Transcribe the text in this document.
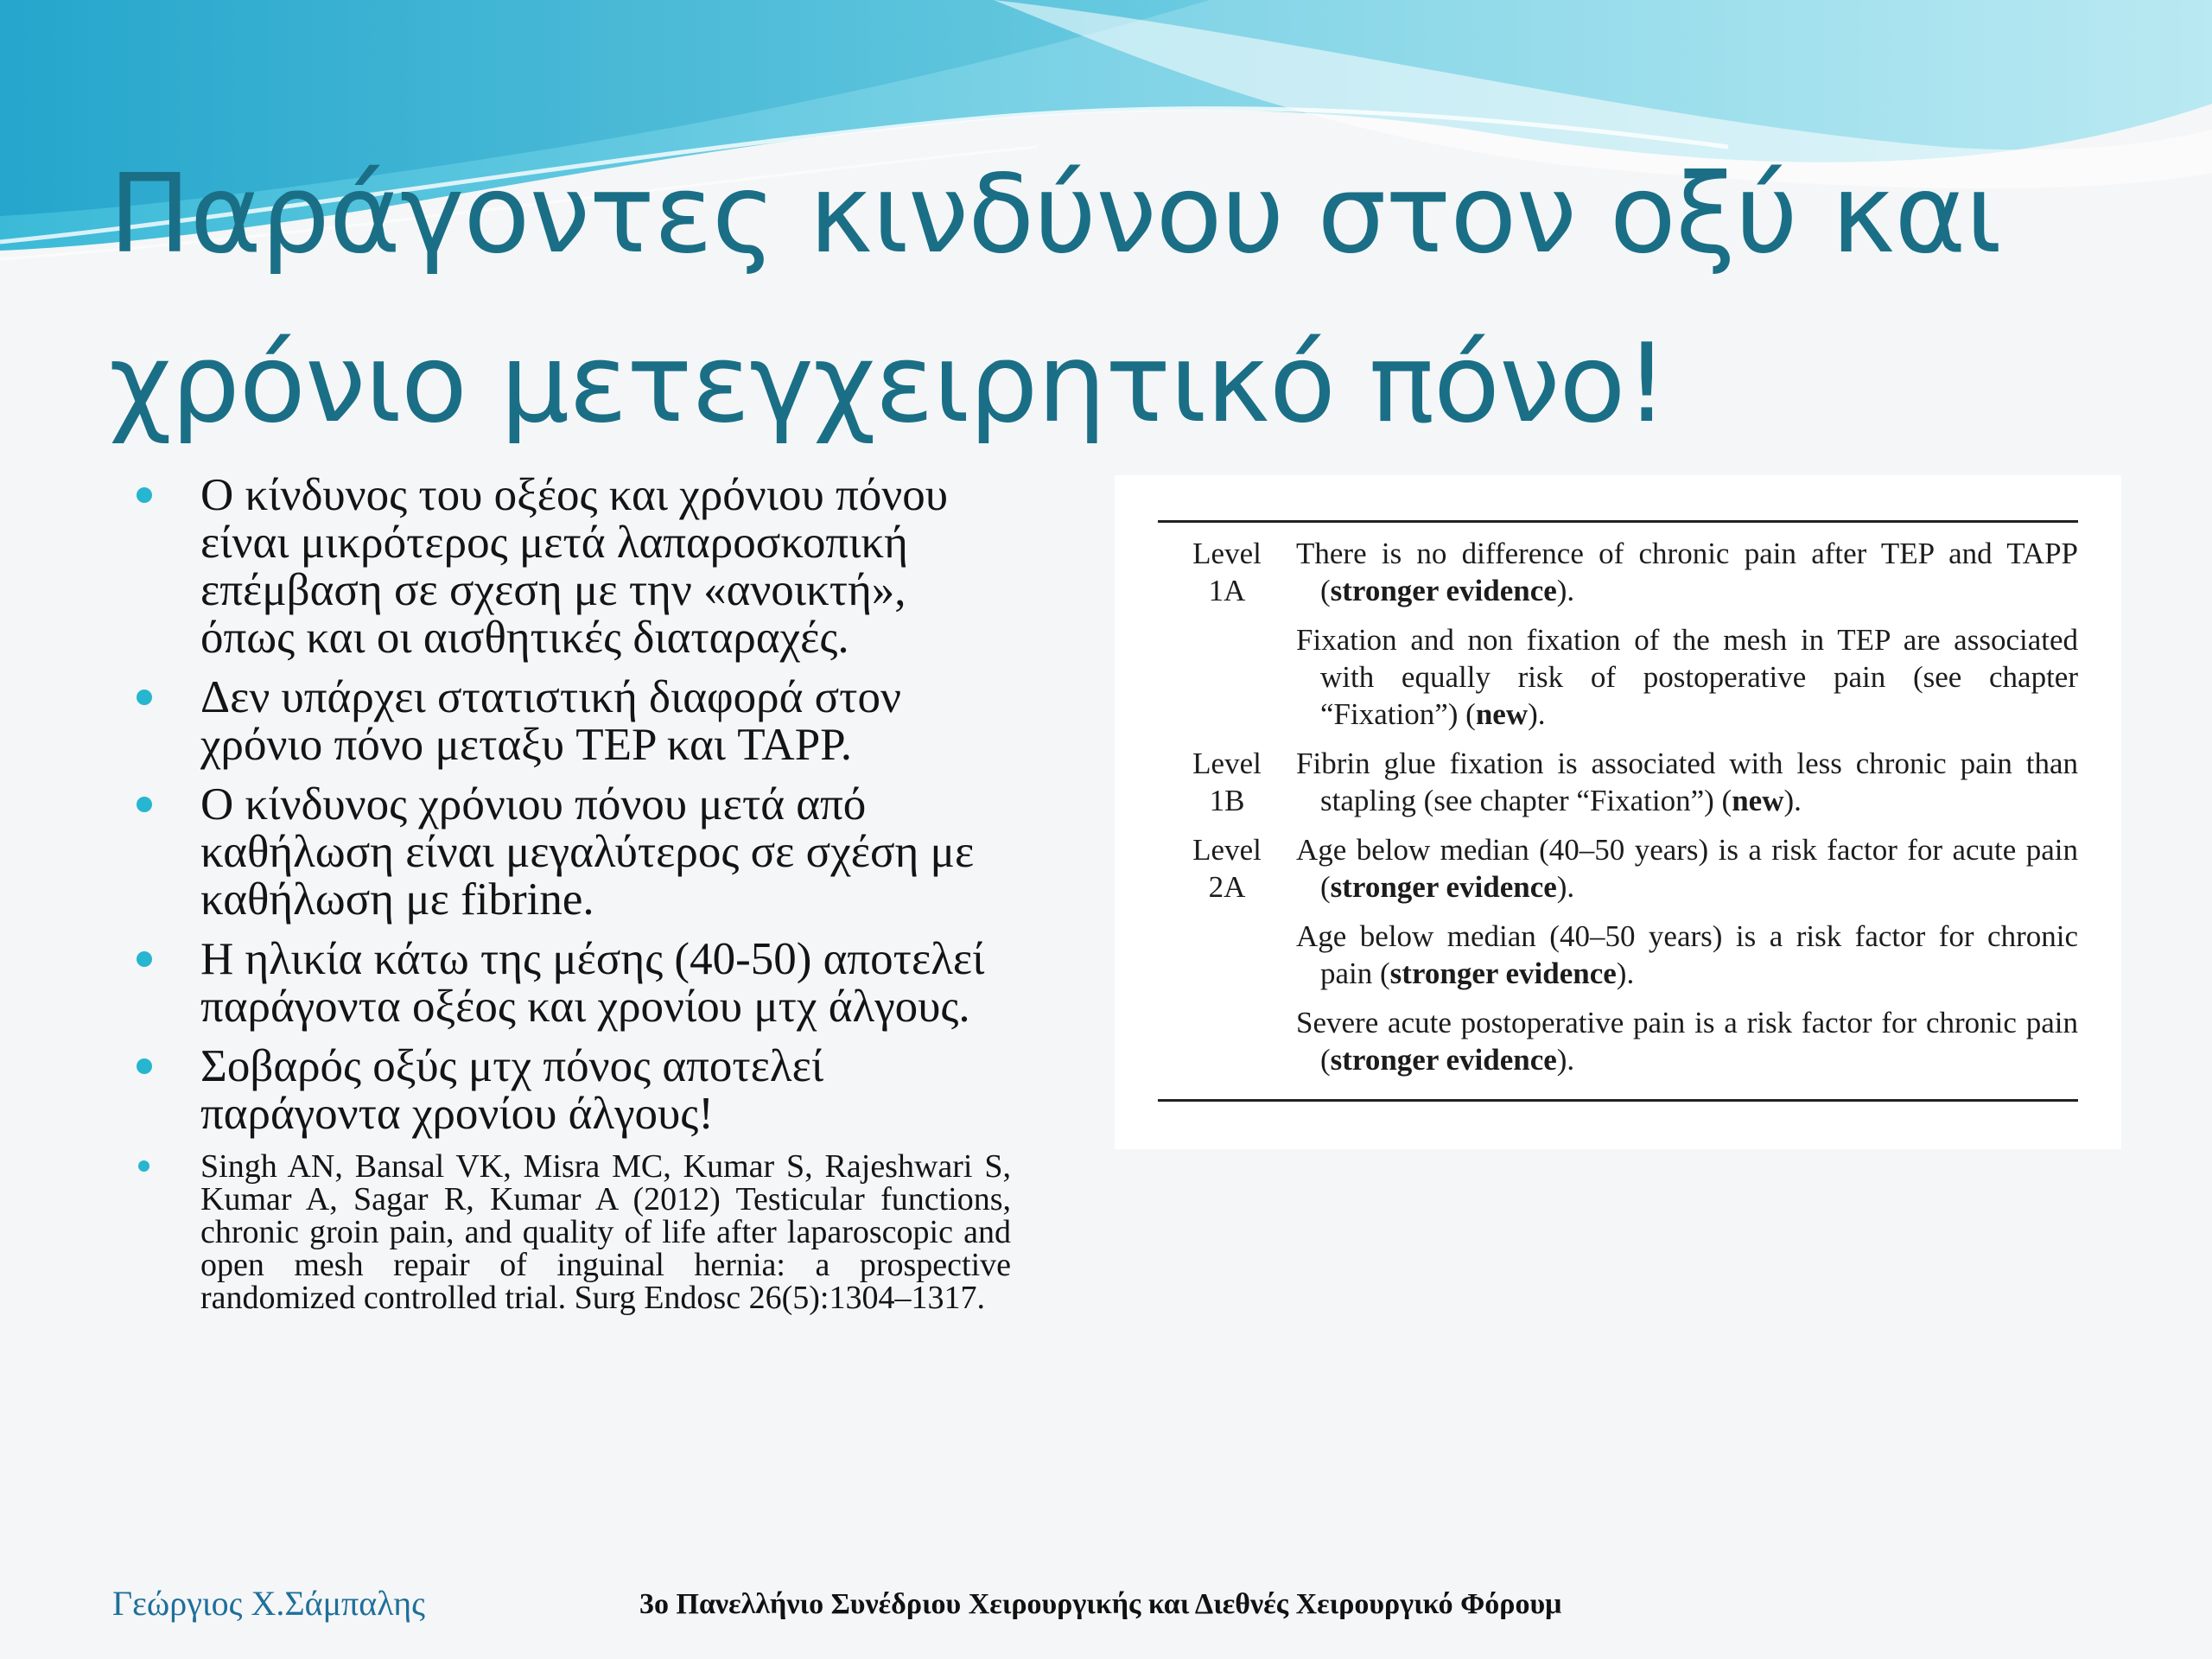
Παράγοντες κινδύνου στον οξύ και
χρόνιο μετεγχειρητικό πόνο!
Ο κίνδυνος του οξέος και χρόνιου πόνου είναι μικρότερος μετά λαπαροσκοπική επέμβαση σε σχεση με την «ανοικτή», όπως και οι αισθητικές διαταραχές.
Δεν υπάρχει στατιστική διαφορά στον χρόνιο πόνο μεταξυ TEP και TAPP.
Ο κίνδυνος χρόνιου πόνου μετά από καθήλωση είναι μεγαλύτερος σε σχέση με καθήλωση με fibrine.
Η ηλικία κάτω της μέσης (40-50) αποτελεί παράγοντα οξέος και χρονίου μτχ άλγους.
Σοβαρός οξύς μτχ πόνος αποτελεί παράγοντα χρονίου άλγους!
Singh AN, Bansal VK, Misra MC, Kumar S, Rajeshwari S, Kumar A, Sagar R, Kumar A (2012) Testicular functions, chronic groin pain, and quality of life after laparoscopic and open mesh repair of inguinal hernia: a prospective randomized controlled trial. Surg Endosc 26(5):1304–1317.
Level
1A
There is no difference of chronic pain after TEP and TAPP (stronger evidence).
Fixation and non fixation of the mesh in TEP are associated with equally risk of postoperative pain (see chapter “Fixation”) (new).
Level
1B
Fibrin glue fixation is associated with less chronic pain than stapling (see chapter “Fixation”) (new).
Level
2A
Age below median (40–50 years) is a risk factor for acute pain (stronger evidence).
Age below median (40–50 years) is a risk factor for chronic pain (stronger evidence).
Severe acute postoperative pain is a risk factor for chronic pain (stronger evidence).
Γεώργιος Χ.Σάμπαλης	3ο Πανελλήνιο Συνέδριου Χειρουργικής και Διεθνές Χειρουργικό Φόρουμ
